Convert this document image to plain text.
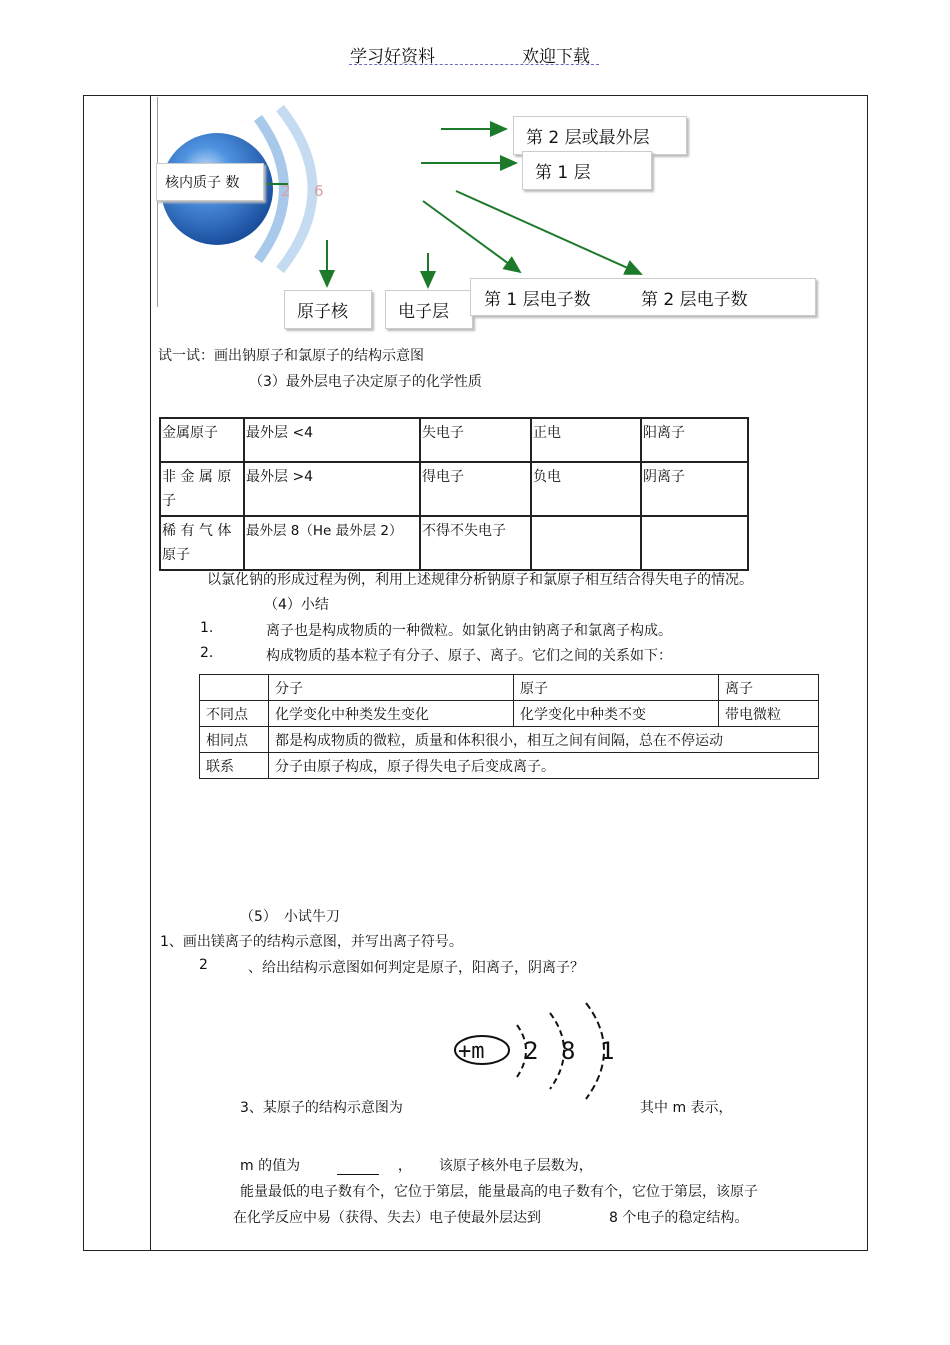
学习好资料	欢迎下载
2 6
核内质子 数
第 2 层或最外层
第 1 层
原子核	电子层
第 1 层电子数	第 2 层电子数
试一试：画出钠原子和氯原子的结构示意图
（3）最外层电子决定原子的化学性质
金属原子	最外层 <4	失电子	正电	阳离子
非 金 属 原子	最外层 >4	得电子	负电	阴离子
稀 有 气 体原子	最外层 8（He 最外层 2）	不得不失电子		
以氯化钠的形成过程为例，利用上述规律分析钠原子和氯原子相互结合得失电子的情况。
（4）小结
1.	离子也是构成物质的一种微粒。如氯化钠由钠离子和氯离子构成。
2.	构成物质的基本粒子有分子、原子、离子。它们之间的关系如下：
	分子	原子	离子
不同点	化学变化中种类发生变化	化学变化中种类不变	带电微粒
相同点	都是构成物质的微粒，质量和体积很小，相互之间有间隔，总在不停运动		
联系	分子由原子构成，原子得失电子后变成离子。		
（5）　小试牛刀
1、画出镁离子的结构示意图，并写出离子符号。
2	、给出结构示意图如何判定是原子，阳离子，阴离子？
+m 2 8 1
3、某原子的结构示意图为	其中 m 表示，
m 的值为	， 该原子核外电子层数为，
能量最低的电子数有个，它位于第层，能量最高的电子数有个，它位于第层，该原子
在化学反应中易（获得、失去）电子使最外层达到	8 个电子的稳定结构。
